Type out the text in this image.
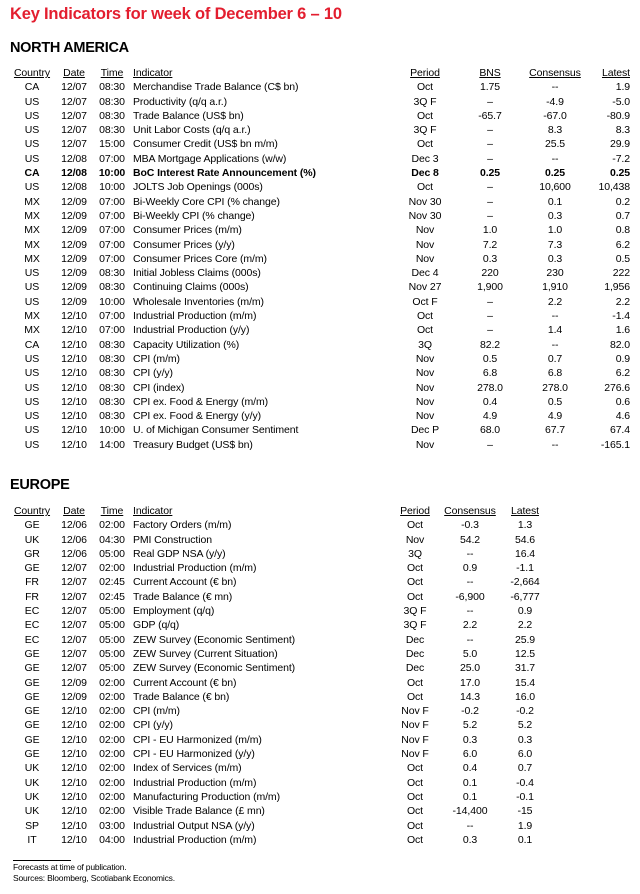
Key Indicators for week of December 6 – 10
NORTH AMERICA
Country	Date	Time	Indicator	Period	BNS	Consensus	Latest
CA	12/07	08:30	Merchandise Trade Balance (C$ bn)	Oct	1.75	--	1.9
US	12/07	08:30	Productivity (q/q a.r.)	3Q F	–	-4.9	-5.0
US	12/07	08:30	Trade Balance (US$ bn)	Oct	-65.7	-67.0	-80.9
US	12/07	08:30	Unit Labor Costs (q/q a.r.)	3Q F	–	8.3	8.3
US	12/07	15:00	Consumer Credit (US$ bn m/m)	Oct	–	25.5	29.9
US	12/08	07:00	MBA Mortgage Applications (w/w)	Dec 3	–	--	-7.2
CA	12/08	10:00	BoC Interest Rate Announcement (%)	Dec 8	0.25	0.25	0.25
US	12/08	10:00	JOLTS Job Openings (000s)	Oct	–	10,600	10,438
MX	12/09	07:00	Bi-Weekly Core CPI (% change)	Nov 30	–	0.1	0.2
MX	12/09	07:00	Bi-Weekly CPI (% change)	Nov 30	–	0.3	0.7
MX	12/09	07:00	Consumer Prices (m/m)	Nov	1.0	1.0	0.8
MX	12/09	07:00	Consumer Prices (y/y)	Nov	7.2	7.3	6.2
MX	12/09	07:00	Consumer Prices Core (m/m)	Nov	0.3	0.3	0.5
US	12/09	08:30	Initial Jobless Claims (000s)	Dec 4	220	230	222
US	12/09	08:30	Continuing Claims (000s)	Nov 27	1,900	1,910	1,956
US	12/09	10:00	Wholesale Inventories (m/m)	Oct F	–	2.2	2.2
MX	12/10	07:00	Industrial Production (m/m)	Oct	–	--	-1.4
MX	12/10	07:00	Industrial Production (y/y)	Oct	–	1.4	1.6
CA	12/10	08:30	Capacity Utilization (%)	3Q	82.2	--	82.0
US	12/10	08:30	CPI (m/m)	Nov	0.5	0.7	0.9
US	12/10	08:30	CPI (y/y)	Nov	6.8	6.8	6.2
US	12/10	08:30	CPI (index)	Nov	278.0	278.0	276.6
US	12/10	08:30	CPI ex. Food & Energy (m/m)	Nov	0.4	0.5	0.6
US	12/10	08:30	CPI ex. Food & Energy (y/y)	Nov	4.9	4.9	4.6
US	12/10	10:00	U. of Michigan Consumer Sentiment	Dec P	68.0	67.7	67.4
US	12/10	14:00	Treasury Budget (US$ bn)	Nov	–	--	-165.1
EUROPE
Country	Date	Time	Indicator	Period	Consensus	Latest
GE	12/06	02:00	Factory Orders (m/m)	Oct	-0.3	1.3
UK	12/06	04:30	PMI Construction	Nov	54.2	54.6
GR	12/06	05:00	Real GDP NSA (y/y)	3Q	--	16.4
GE	12/07	02:00	Industrial Production (m/m)	Oct	0.9	-1.1
FR	12/07	02:45	Current Account (€ bn)	Oct	--	-2,664
FR	12/07	02:45	Trade Balance (€ mn)	Oct	-6,900	-6,777
EC	12/07	05:00	Employment (q/q)	3Q F	--	0.9
EC	12/07	05:00	GDP (q/q)	3Q F	2.2	2.2
EC	12/07	05:00	ZEW Survey (Economic Sentiment)	Dec	--	25.9
GE	12/07	05:00	ZEW Survey (Current Situation)	Dec	5.0	12.5
GE	12/07	05:00	ZEW Survey (Economic Sentiment)	Dec	25.0	31.7
GE	12/09	02:00	Current Account (€ bn)	Oct	17.0	15.4
GE	12/09	02:00	Trade Balance (€ bn)	Oct	14.3	16.0
GE	12/10	02:00	CPI (m/m)	Nov F	-0.2	-0.2
GE	12/10	02:00	CPI (y/y)	Nov F	5.2	5.2
GE	12/10	02:00	CPI - EU Harmonized (m/m)	Nov F	0.3	0.3
GE	12/10	02:00	CPI - EU Harmonized (y/y)	Nov F	6.0	6.0
UK	12/10	02:00	Index of Services (m/m)	Oct	0.4	0.7
UK	12/10	02:00	Industrial Production (m/m)	Oct	0.1	-0.4
UK	12/10	02:00	Manufacturing Production (m/m)	Oct	0.1	-0.1
UK	12/10	02:00	Visible Trade Balance (£ mn)	Oct	-14,400	-15
SP	12/10	03:00	Industrial Output NSA (y/y)	Oct	--	1.9
IT	12/10	04:00	Industrial Production (m/m)	Oct	0.3	0.1
Forecasts at time of publication.
Sources: Bloomberg, Scotiabank Economics.
